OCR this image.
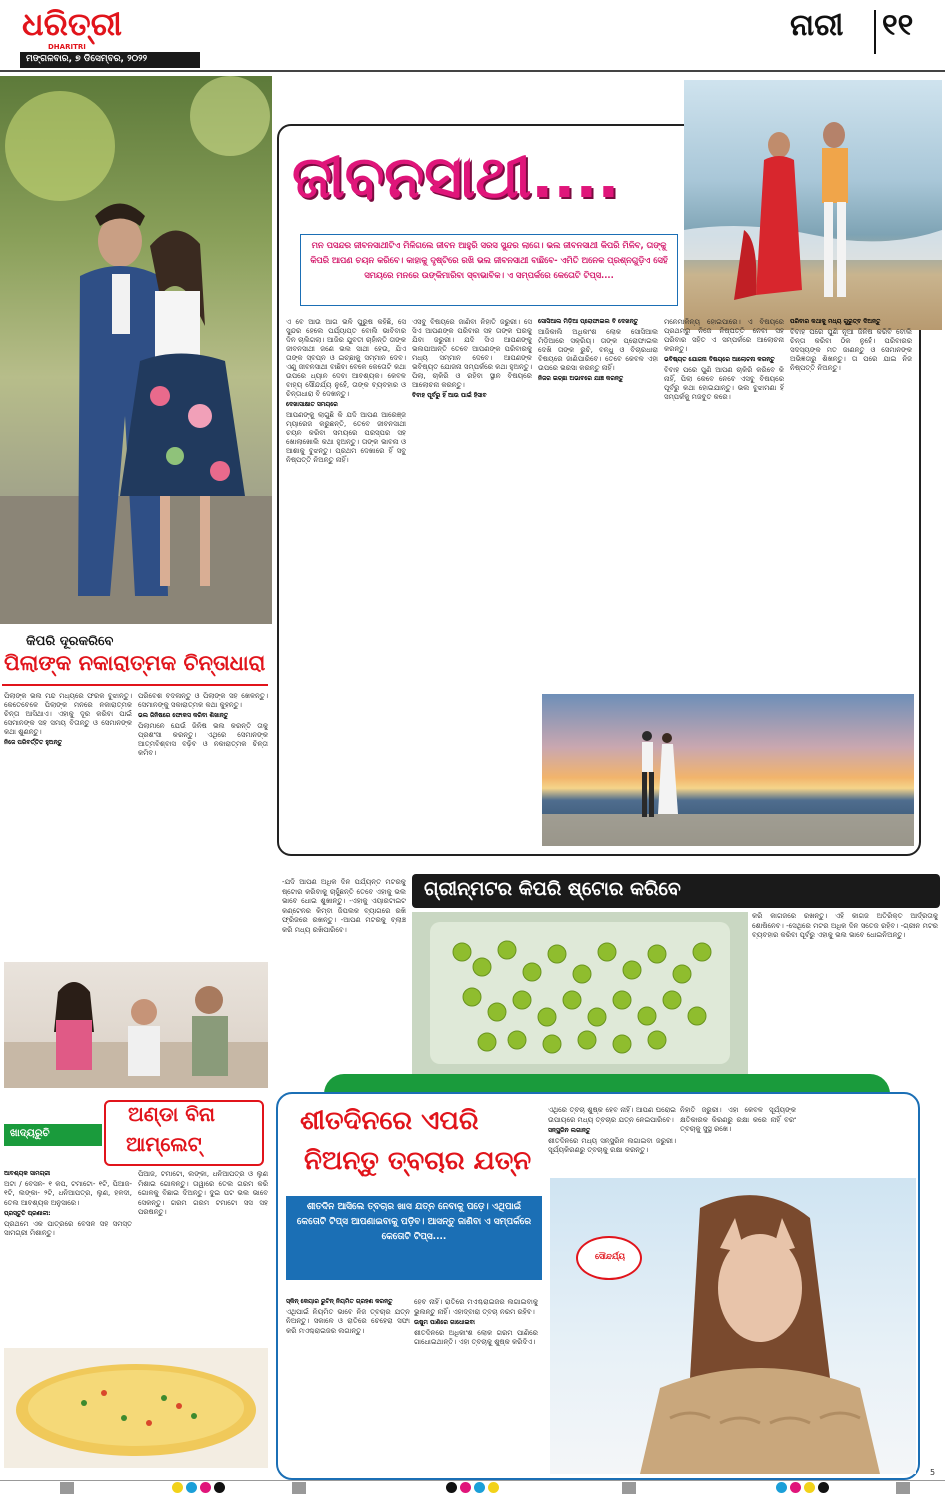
ଧରିତ୍ରୀ
DHARITRI
ମଙ୍ଗଳବାର, ୭ ଡିସେମ୍ବର, ୨୦୨୨
ନାରୀ ୧୧
ଜୀବନସାଥୀ....
ମନ ପସନ୍ଦର ଜୀବନସାଥୀଟିଏ ମିଳିଗଲେ ଜୀବନ ଆହୁରି ସରସ ସୁନ୍ଦର ଲାଗେ। ଭଲ ଜୀବନସାଥୀ କିପରି ମିଳିବ, ତାଙ୍କୁ କିପରି ଆପଣ ଚୟନ କରିବେ। କାହାକୁ ଦୃଷ୍ଟିରେ ରଖି ଭଲ ଜୀବନସାଥୀ ବାଛିବେ- ଏମିତି ଅନେକ ପ୍ରଶ୍ନଗୁଡ଼ିଏ ସେହି ସମୟରେ ମନରେ ଉଙ୍କିମାରିବା ସ୍ବାଭାବିକ। ଏ ସମ୍ପର୍କରେ କେତୋଟି ଟିପ୍ସ....

ଏ ବେ ଆଉ ଆଗ ଭଳି ପୁରୁଷ କହିଛି, ସେ ସୁନ୍ଦର ହେଲେ ପର୍ଯ୍ୟାପ୍ତ ବୋଲି ଭାବିବାର ଦିନ ଚାଲିଗଲା। ଆଜିର ଯୁବତୀ ଚାହାଁନ୍ତି ତାଙ୍କ ଜୀବନସାଥୀ ଜଣେ ଭଲ ସାଥୀ ହେଉ, ଯିଏ ତାଙ୍କ ସ୍ବପ୍ନ ଓ ଇଚ୍ଛାକୁ ସମ୍ମାନ ଦେବ। ଏଣୁ ଜୀବନସାଥୀ ବାଛିବା ବେଳେ କେତୋଟି କଥା ଉପରେ ଧ୍ୟାନ ଦେବା ଆବଶ୍ୟକ। କେବଳ ବାହ୍ୟ ସୌନ୍ଦର୍ଯ୍ୟ ନୁହେଁ, ତାଙ୍କ ବ୍ୟବହାର ଓ ଚିନ୍ତାଧାରା ବି ଦେଖନ୍ତୁ।

ଦେଖାସାକ୍ଷାତ ସମୟରେ

ଆପଣଙ୍କୁ ଲାଗୁଛି କି ଯଦି ଆପଣ ଆରେଞ୍ଜ ମ୍ୟାରେଜ କରୁଛନ୍ତି, ତେବେ ଜୀବନସାଥୀ ଚୟନ କରିବା ସମୟରେ ପରସ୍ପର ସହ ଖୋଲାଖୋଲି କଥା ହୁଅନ୍ତୁ। ତାଙ୍କ ଭାବନା ଓ ଆଶାକୁ ବୁଝନ୍ତୁ। ପ୍ରଥମ ଦେଖାରେ ହିଁ ସବୁ ନିଷ୍ପତ୍ତି ନିଅନ୍ତୁ ନାହିଁ।

ଏସବୁ ବିଷୟରେ ଜାଣିବା ନିହାତି ଜରୁରୀ। ସେ ସିଏ ଆପଣଙ୍କ ପରିବାର ସହ ତାଙ୍କ ଘରକୁ ଯିବା ଜରୁରୀ। ଯଦି ସିଏ ଆପଣଙ୍କୁ ଭଲପାଆନ୍ତି ତେବେ ଆପଣଙ୍କ ପରିବାରକୁ ମଧ୍ୟ ସମ୍ମାନ ଦେବେ। ଆପଣଙ୍କ ଭବିଷ୍ୟତ ଯୋଜନା ସମ୍ପର୍କରେ କଥା ହୁଅନ୍ତୁ। ପିଲା, ଚାକିରି ଓ ରହିବା ସ୍ଥାନ ବିଷୟରେ ଆଲୋଚନା କରନ୍ତୁ।

ବିବାହ ପୂର୍ବରୁ ହିଁ ଆଉ ପାଇଁ ହିସାବ

ସୋସିଆଲ ମିଡ଼ିଆ ପ୍ରୋଫାଇଲ ବି ଦେଖନ୍ତୁ

ଆଜିକାଲି ଅଧିକାଂଶ ଲୋକ ସୋସିଆଲ ମିଡ଼ିଆରେ ସକ୍ରିୟ। ତାଙ୍କ ପ୍ରୋଫାଇଲ ଦେଖି ତାଙ୍କ ରୁଚି, ବନ୍ଧୁ ଓ ବିଚାରଧାରା ବିଷୟରେ ଜାଣିପାରିବେ। ତେବେ କେବଳ ଏହା ଉପରେ ଭରସା କରନ୍ତୁ ନାହିଁ।

ନିଜର ଇଚ୍ଛା ଅଭାବରେ ଯାଞ୍ଚ କରନ୍ତୁ

ମନେମାଳିନ୍ୟ ହୋଇପାରେ। ଏ ବିଷୟରେ ପ୍ରଥମରୁ ନିଜେ ନିଷ୍ପତ୍ତି ନେବା ସହ ପରିବାର ସହିତ ଏ ସମ୍ପର୍କରେ ଆଲୋଚନା କରନ୍ତୁ।

ଭବିଷ୍ୟତ ଯୋଜନା ବିଷୟରେ ଆଲୋଚନା କରନ୍ତୁ

ବିବାହ ପରେ ପୁଣି ଆପଣ ଚାକିରି କରିବେ କି ନାହିଁ, ପିଲା କେବେ ନେବେ ଏସବୁ ବିଷୟରେ ପୂର୍ବରୁ କଥା ହୋଇଯାନ୍ତୁ। ଭଲ ବୁଝାମଣା ହିଁ ସମ୍ପର୍କକୁ ମଜବୁତ କରେ।

ପରିବାର କଥାକୁ ମଧ୍ୟ ଗୁରୁତ୍ବ ଦିଅନ୍ତୁ

ବିବାହ ପରେ ପୁଣି ନୂଆ ଜିନିଷ କରିବି ବୋଲି ଚିନ୍ତା କରିବା ଠିକ ନୁହେଁ। ପରିବାରର ସଦସ୍ୟଙ୍କ ମତ ଜାଣନ୍ତୁ ଓ ସେମାନଙ୍କ ଅଭିଜ୍ଞତାରୁ ଶିଖନ୍ତୁ। ତା ପରେ ଯାଇ ନିଜ ନିଷ୍ପତ୍ତି ନିଅନ୍ତୁ।

କିପରି ଦୂରକରିବେ
ପିଲାଙ୍କ ନକାରାତ୍ମକ ଚିନ୍ତାଧାରା

ପିଲାଙ୍କ ଭଲ ମନ୍ଦ ମଧ୍ୟରେ ଫରକ ବୁଝାନ୍ତୁ। କେତେବେଳେ ପିଲାଙ୍କ ମନରେ ନକାରାତ୍ମକ ଚିନ୍ତା ଆସିଥାଏ। ଏହାକୁ ଦୂର କରିବା ପାଇଁ ସେମାନଙ୍କ ସହ ସମୟ ବିତାନ୍ତୁ ଓ ସେମାନଙ୍କ କଥା ଶୁଣନ୍ତୁ।

ନିଜେ ପରିବର୍ତ୍ତିତ ହୁଅନ୍ତୁ

ପରିବେଶ ବଦଳାନ୍ତୁ ଓ ପିଲାଙ୍କ ସହ ଖେଳନ୍ତୁ। ସେମାନଙ୍କୁ ସକାରାତ୍ମକ କଥା କୁହନ୍ତୁ।

ଭଲ ଜିନିଷରେ ଫୋକସ କରିବା ଶିଖାନ୍ତୁ

ପିଲାମାନେ ଯେଉଁ ଜିନିଷ ଭଲ କରନ୍ତି ତାକୁ ପ୍ରଶଂସା କରନ୍ତୁ। ଏଥିରେ ସେମାନଙ୍କ ଆତ୍ମବିଶ୍ବାସ ବଢ଼ିବ ଓ ନକାରାତ୍ମକ ଚିନ୍ତା କମିବ।

ଗ୍ରୀନ୍‌ମଟର କିପରି ଷ୍ଟୋର କରିବେ

-ଯଦି ଆପଣ ଅଧିକ ଦିନ ପର୍ଯ୍ୟନ୍ତ ମଟରକୁ ଷ୍ଟୋର କରିବାକୁ ଚାହୁଁଛନ୍ତି ତେବେ ଏହାକୁ ଭଲ ଭାବେ ଧୋଇ ଶୁଖାନ୍ତୁ। -ଏହାକୁ ଏୟାରଟାଇଟ କଣ୍ଟେନର କିମ୍ବା ଜିପଲକ ବ୍ୟାଗରେ ରଖି ଫ୍ରିଜରେ ରଖନ୍ତୁ। -ଆପଣ ମଟରକୁ ବ୍ଲାଞ୍ଚ କରି ମଧ୍ୟ ରଖିପାରିବେ।

କରି କାଗଜରେ ରଖନ୍ତୁ। ଏହି କାଗଜ ଅତିରିକ୍ତ ଆର୍ଦ୍ରତାକୁ ଶୋଷିନେବ। -ସେଥିରେ ମଟର ଅଧିକ ଦିନ ସତେଜ ରହିବ। -ଗ୍ରୀନ ମଟର ବ୍ୟବହାର କରିବା ପୂର୍ବରୁ ଏହାକୁ ଭଲ ଭାବେ ଧୋଇନିଅନ୍ତୁ।

ଖାଦ୍ୟରୁଚି
ଅଣ୍ଡା ବିନା
ଆମ୍ଲେଟ୍

ଆବଶ୍ୟକ ସାମଗ୍ରୀ

ଅଟା / ବେସନ- ୧ କପ, ଟମାଟୋ- ୧ଟି, ପିଆଜ- ୧ଟି, ଲଙ୍କା- ୨ଟି, ଧନିଆପତ୍ର, ଲୁଣ, ହଳଦୀ, ତେଲ ଆବଶ୍ୟକ ଅନୁସାରେ।

ପ୍ରସ୍ତୁତି ପ୍ରଣାଳୀ:

ପ୍ରଥମେ ଏକ ପାତ୍ରରେ ବେସନ ସହ ସମସ୍ତ ସାମଗ୍ରୀ ମିଶାନ୍ତୁ।

ପିଆଜ, ଟମାଟୋ, ଲଙ୍କା, ଧନିଆପତ୍ର ଓ ଲୁଣ ମିଶାଇ ଗୋଳନ୍ତୁ। ତାୱାରେ ତେଲ ଗରମ କରି ଗୋଳକୁ ବିଛାଇ ଦିଅନ୍ତୁ। ଦୁଇ ପଟ ଭଲ ଭାବେ ସେକନ୍ତୁ। ଗରମ ଗରମ ଟମାଟୋ ସସ ସହ ପରଷନ୍ତୁ।

ଶୀତଦିନରେ ଏପରି
ନିଅନ୍ତୁ ତ୍ବଚାର ଯତ୍ନ
ଶୀତଦିନ ଆସିଲେ ତ୍ବଚାର ଖାସ ଯତ୍ନ ନେବାକୁ ପଡ଼େ। ଏଥିପାଇଁ କେତୋଟି ଟିପ୍ସ ଆପଣାଇବାକୁ ପଡ଼ିବ। ଆସନ୍ତୁ ଜାଣିବା ଏ ସମ୍ପର୍କରେ କେତୋଟି ଟିପ୍ସ....

ସ୍କିନ୍ କେୟାର ରୁଟିନ୍ ନିୟମିତ ଗ୍ରହଣ କରନ୍ତୁ

ଏଥିପାଇଁ ନିୟମିତ ଭାବେ ନିଜ ତ୍ବଚାର ଯତ୍ନ ନିଅନ୍ତୁ। ସକାଳେ ଓ ରାତିରେ ଚେହେରା ସଫା କରି ମଏଶ୍ଚରାଇଜର ଲଗାନ୍ତୁ।

ହେବ ନାହିଁ। ରାତିରେ ମଏଶ୍ଚରାଇଜର ଲଗାଇବାକୁ ଭୁଲନ୍ତୁ ନାହିଁ। ଏହାଦ୍ବାରା ତ୍ବଚା ନରମ ରହିବ।

ଉଷୁମ ପାଣିରେ ଗାଧୋଇବା

ଶୀତଦିନରେ ଅଧିକାଂଶ ଲୋକ ଗରମ ପାଣିରେ ଗାଧୋଇଥାନ୍ତି। ଏହା ତ୍ବଚାକୁ ଶୁଷ୍କ କରିଦିଏ।

ଏଥିରେ ତ୍ବଚା ଶୁଷ୍କ ହେବ ନାହିଁ। ଆପଣ ଘରୋଇ ଉପାୟରେ ମଧ୍ୟ ତ୍ବଚାର ଯତ୍ନ ନେଇପାରିବେ।

ସନ୍‌ସ୍କ୍ରିନ ଲଗାନ୍ତୁ

ଶୀତଦିନରେ ମଧ୍ୟ ସନ୍‌ସ୍କ୍ରିନ ଲଗାଇବା ଜରୁରୀ। ସୂର୍ଯ୍ୟକିରଣରୁ ତ୍ବଚାକୁ ରକ୍ଷା କରନ୍ତୁ।

ନିହାତି ଜରୁରୀ। ଏହା କେବଳ ସୂର୍ଯ୍ୟଙ୍କ କ୍ଷତିକାରକ କିରଣରୁ ରକ୍ଷା କରେ ନାହିଁ ବରଂ ତ୍ବଚାକୁ ସୁସ୍ଥ ରଖେ।

ସୌନ୍ଦର୍ଯ୍ୟ
5
